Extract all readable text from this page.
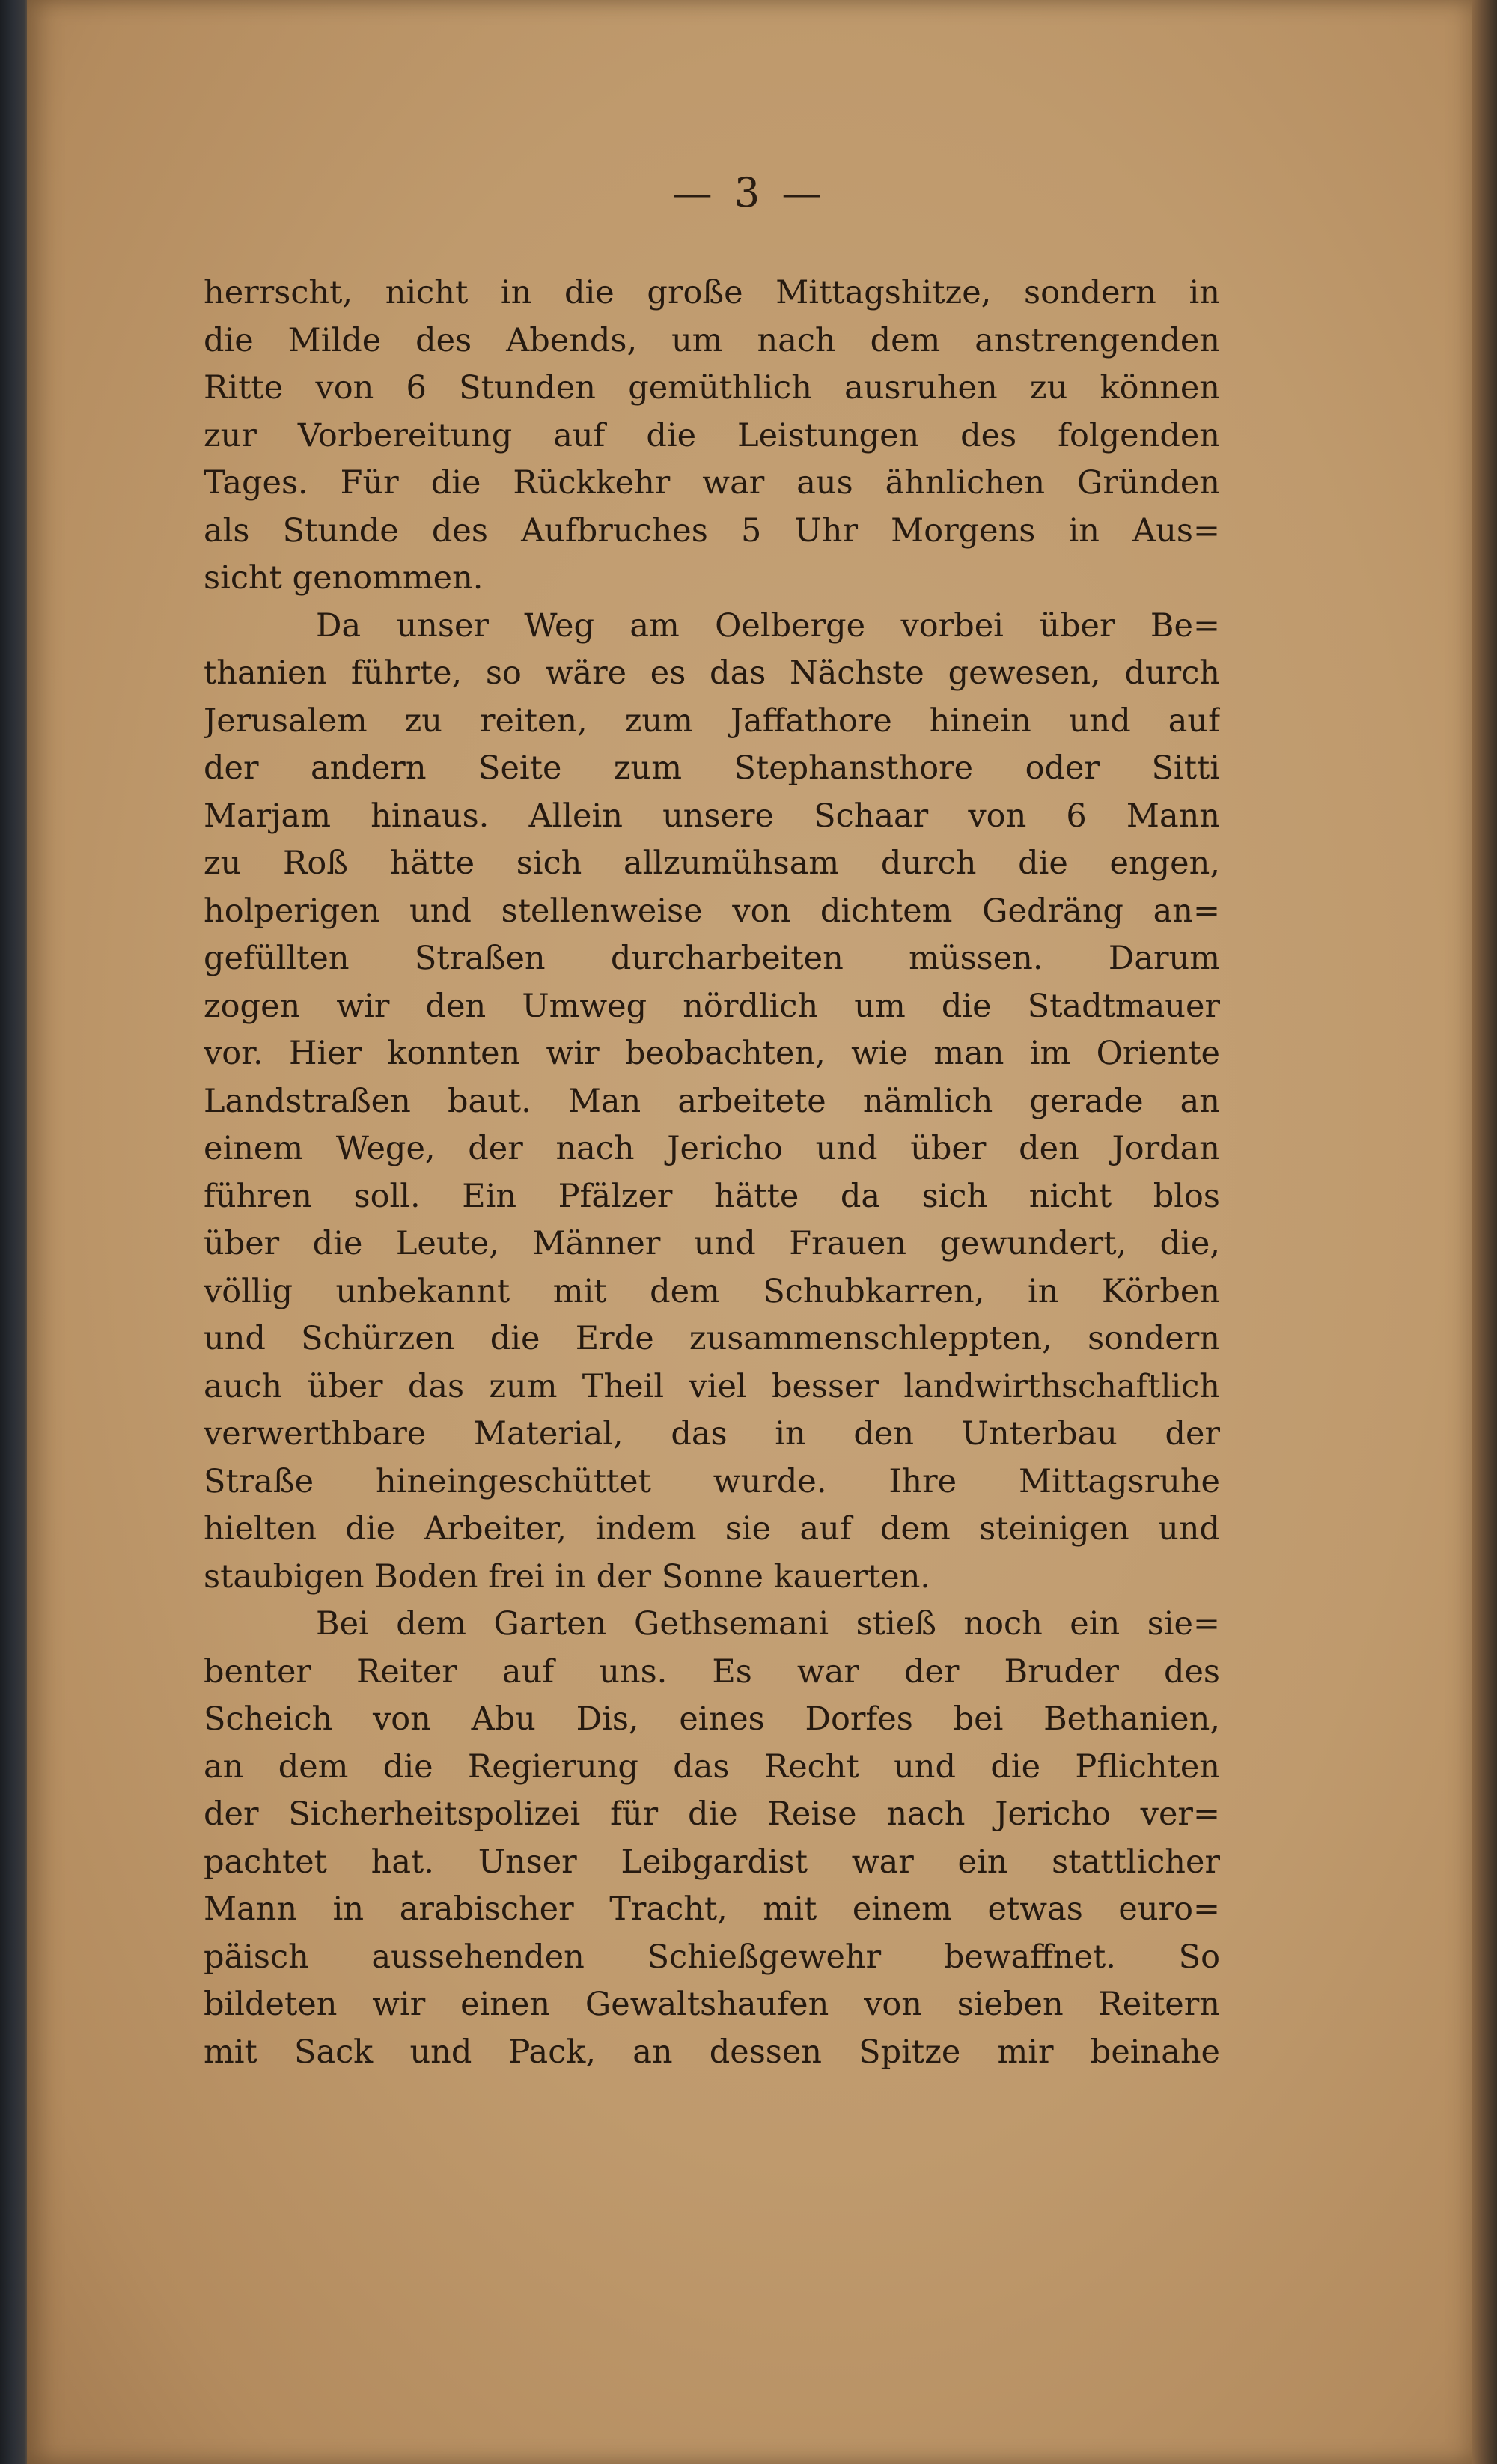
— 3 —
herrscht, nicht in die große Mittagshitze, sondern in
die Milde des Abends, um nach dem anstrengenden
Ritte von 6 Stunden gemüthlich ausruhen zu können
zur Vorbereitung auf die Leistungen des folgenden
Tages. Für die Rückkehr war aus ähnlichen Gründen
als Stunde des Aufbruches 5 Uhr Morgens in Aus=
sicht genommen.
Da unser Weg am Oelberge vorbei über Be=
thanien führte, so wäre es das Nächste gewesen, durch
Jerusalem zu reiten, zum Jaffathore hinein und auf
der andern Seite zum Stephansthore oder Sitti
Marjam hinaus. Allein unsere Schaar von 6 Mann
zu Roß hätte sich allzumühsam durch die engen,
holperigen und stellenweise von dichtem Gedräng an=
gefüllten Straßen durcharbeiten müssen. Darum
zogen wir den Umweg nördlich um die Stadtmauer
vor. Hier konnten wir beobachten, wie man im Oriente
Landstraßen baut. Man arbeitete nämlich gerade an
einem Wege, der nach Jericho und über den Jordan
führen soll. Ein Pfälzer hätte da sich nicht blos
über die Leute, Männer und Frauen gewundert, die,
völlig unbekannt mit dem Schubkarren, in Körben
und Schürzen die Erde zusammenschleppten, sondern
auch über das zum Theil viel besser landwirthschaftlich
verwerthbare Material, das in den Unterbau der
Straße hineingeschüttet wurde. Ihre Mittagsruhe
hielten die Arbeiter, indem sie auf dem steinigen und
staubigen Boden frei in der Sonne kauerten.
Bei dem Garten Gethsemani stieß noch ein sie=
benter Reiter auf uns. Es war der Bruder des
Scheich von Abu Dis, eines Dorfes bei Bethanien,
an dem die Regierung das Recht und die Pflichten
der Sicherheitspolizei für die Reise nach Jericho ver=
pachtet hat. Unser Leibgardist war ein stattlicher
Mann in arabischer Tracht, mit einem etwas euro=
päisch aussehenden Schießgewehr bewaffnet. So
bildeten wir einen Gewaltshaufen von sieben Reitern
mit Sack und Pack, an dessen Spitze mir beinahe
